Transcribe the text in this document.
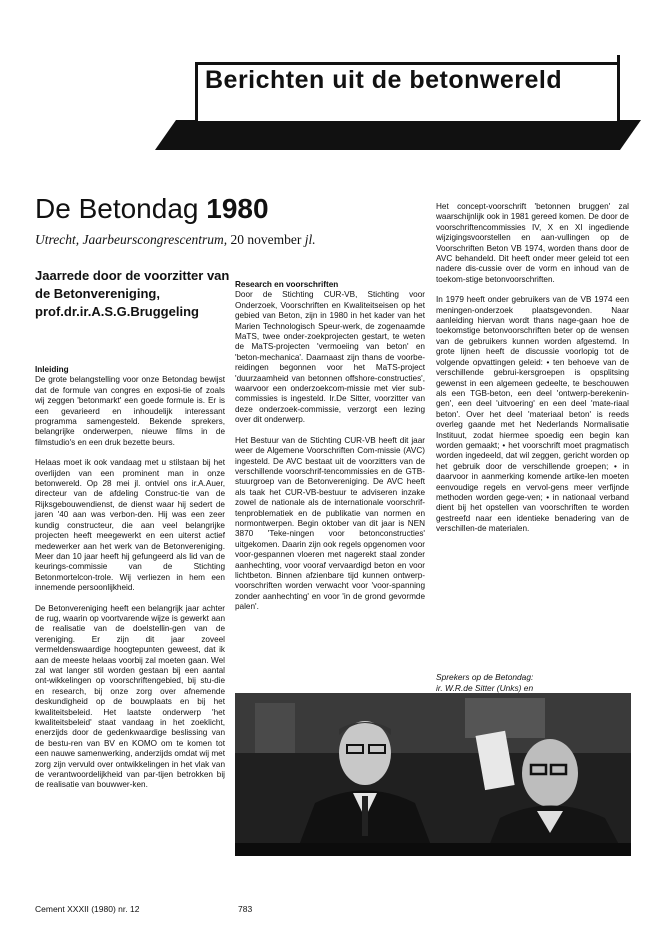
Berichten uit de betonwereld
De Betondag 1980
Utrecht, Jaarbeurscongrescentrum, 20 november jl.
Jaarrede door de voorzitter van de Betonvereniging, prof.dr.ir.A.S.G.Bruggeling
Inleiding

De grote belangstelling voor onze Betondag bewijst dat de formule van congres en exposi-tie of zoals wij zeggen 'betonmarkt' een goede formule is. Er is een gevarieerd en inhoudelijk interessant programma samengesteld. Bekende sprekers, belangrijke onderwerpen, nieuwe films in de filmstudio's en een druk bezette beurs.

Helaas moet ik ook vandaag met u stilstaan bij het overlijden van een prominent man in onze betonwereld. Op 28 mei jl. ontviel ons ir.A.Auer, directeur van de afdeling Construc-tie van de Rijksgebouwendienst, de dienst waar hij sedert de jaren '40 aan was verbon-den. Hij was een zeer kundig constructeur, die aan veel belangrijke projecten heeft meegewerkt en een uiterst actief medewerker aan het werk van de Betonvereniging. Meer dan 10 jaar heeft hij gefungeerd als lid van de keurings-commissie van de Stichting Betonmortelcon-trole. Wij verliezen in hem een innemende persoonlijkheid.

De Betonvereniging heeft een belangrijk jaar achter de rug, waarin op voortvarende wijze is gewerkt aan de realisatie van de doelstellin-gen van de vereniging. Er zijn dit jaar zoveel vermeldenswaardige hoogtepunten geweest, dat ik aan de meeste helaas voorbij zal moeten gaan. Wel zal wat langer stil worden gestaan bij een aantal ont-wikkelingen op voorschriftengebied, bij stu-die en research, bij onze zorg over afnemende deskundigheid op de bouwplaats en bij het kwaliteitsbeleid. Het laatste onderwerp 'het kwaliteitsbeleid' staat vandaag in het zoeklicht, enerzijds door de gedenkwaardige beslissing van de bestu-ren van BV en KOMO om te komen tot een nauwe samenwerking, anderzijds omdat wij met zorg zijn vervuld over ontwikkelingen in het vlak van de verantwoordelijkheid van par-tijen betrokken bij de realisatie van bouwwer-ken.

Research en voorschriften

Door de Stichting CUR-VB, Stichting voor Onderzoek, Voorschriften en Kwaliteitseisen op het gebied van Beton, zijn in 1980 in het kader van het Marien Technologisch Speur-werk, de zogenaamde MaTS, twee onder-zoekprojecten gestart, te weten de MaTS-projecten 'vermoeiing van beton' en 'beton-mechanica'. Daarnaast zijn thans de voorbe-reidingen begonnen voor het MaTS-project 'duurzaamheid van betonnen offshore-constructies', waarvoor een onderzoekcom-missie met vier sub-commissies is ingesteld. Ir.De Sitter, voorzitter van deze onderzoek-commissie, verzorgt een lezing over dit onderwerp.

Het Bestuur van de Stichting CUR-VB heeft dit jaar weer de Algemene Voorschriften Com-missie (AVC) ingesteld. De AVC bestaat uit de voorzitters van de verschillende voorschrif-tencommissies en de GTB-stuurgroep van de Betonvereniging. De AVC heeft als taak het CUR-VB-bestuur te adviseren inzake zowel de nationale als de internationale voorschrif-tenproblematiek en de publikatie van normen en normontwerpen. Begin oktober van dit jaar is NEN 3870 'Teke-ningen voor betonconstructies' uitgekomen. Daarin zijn ook regels opgenomen voor voor-gespannen vloeren met nagerekt staal zonder aanhechting, voor vooraf vervaardigd beton en voor lichtbeton. Binnen afzienbare tijd kunnen ontwerp-voorschriften worden verwacht voor 'voor-spanning zonder aanhechting' en voor 'in de grond gevormde palen'.

Het concept-voorschrift 'betonnen bruggen' zal waarschijnlijk ook in 1981 gereed komen. De door de voorschriftencommissies IV, X en XI ingediende wijzigingsvoorstellen en aan-vullingen op de Voorschriften Beton VB 1974, worden thans door de AVC behandeld. Dit heeft onder meer geleid tot een nadere dis-cussie over de vorm en inhoud van de toekom-stige betonvoorschriften.

In 1979 heeft onder gebruikers van de VB 1974 een meningen-onderzoek plaatsgevonden. Naar aanleiding hiervan wordt thans nage-gaan hoe de toekomstige betonvoorschriften beter op de wensen van de gebruikers kunnen worden afgestemd. In grote lijnen heeft de discussie voorlopig tot de volgende opvattingen geleid: • ten behoeve van de verschillende gebrui-kersgroepen is opsplitsing gewenst in een algemeen gedeelte, te beschouwen als een TGB-beton, een deel 'ontwerp-berekenin-gen', een deel 'uitvoering' en een deel 'mate-riaal beton'. Over het deel 'materiaal beton' is reeds overleg gaande met het Nederlands Normalisatie Instituut, zodat hiermee spoedig een begin kan worden gemaakt; • het voorschrift moet pragmatisch worden ingedeeld, dat wil zeggen, gericht worden op het gebruik door de verschillende groepen; • in daarvoor in aanmerking komende artike-len moeten eenvoudige regels en vervol-gens meer verfijnde methoden worden gege-ven; • in nationaal verband dient bij het opstellen van voorschriften te worden gestreefd naar een identieke benadering van de verschillen-de materialen.

Sprekers op de Betondag:
ir. W.R.de Sitter (Unks) en
Cement XXXII (1980) nr. 12	783
